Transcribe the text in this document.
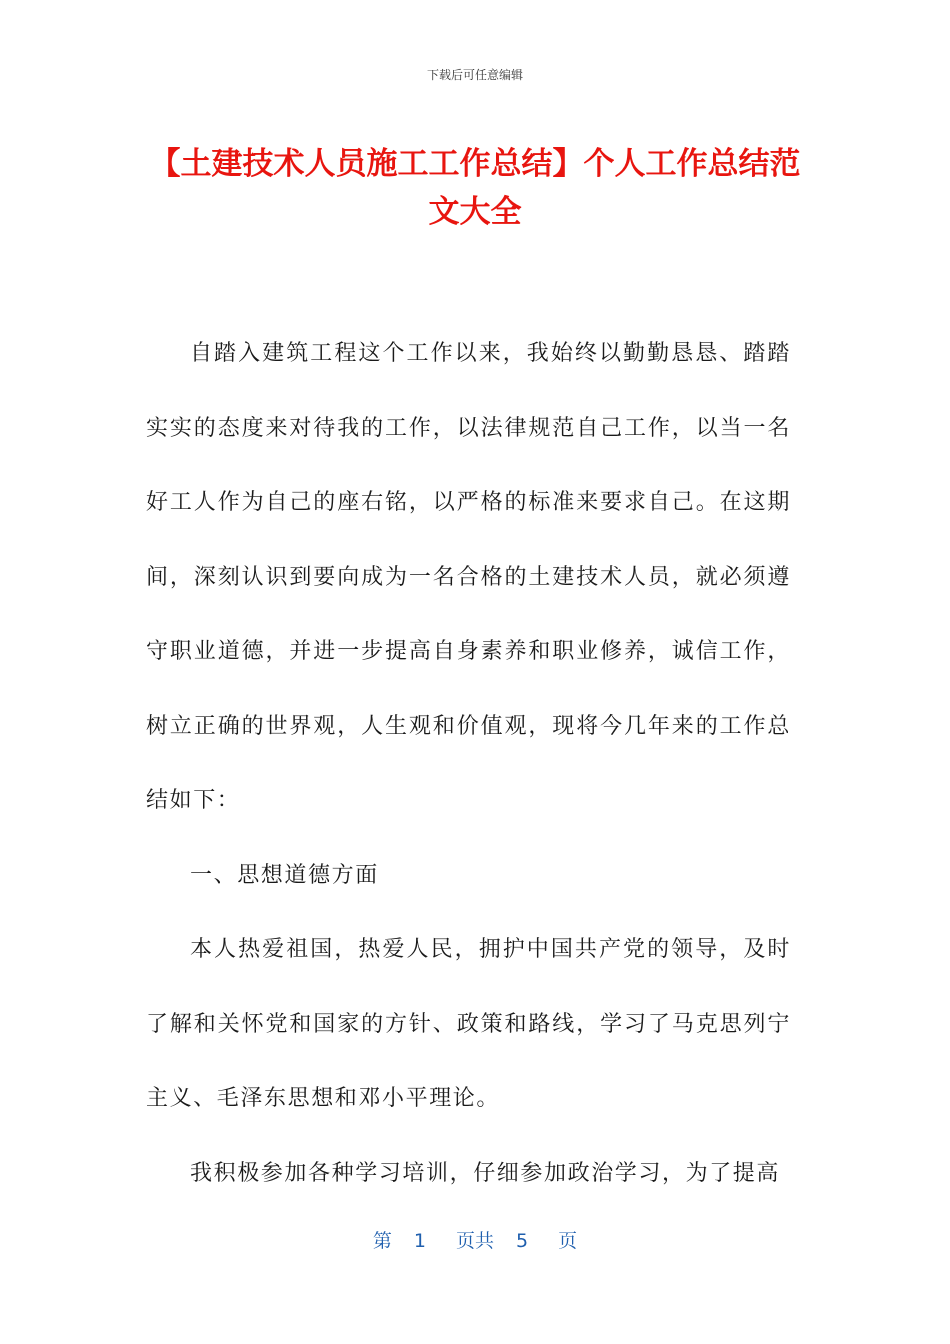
下载后可任意编辑
【土建技术人员施工工作总结】个人工作总结范文大全

自踏入建筑工程这个工作以来，我始终以勤勤恳恳、踏踏实实的态度来对待我的工作，以法律规范自己工作，以当一名好工人作为自己的座右铭，以严格的标准来要求自己。在这期间，深刻认识到要向成为一名合格的土建技术人员，就必须遵守职业道德，并进一步提高自身素养和职业修养，诚信工作，树立正确的世界观，人生观和价值观，现将今几年来的工作总结如下：

一、思想道德方面

本人热爱祖国，热爱人民，拥护中国共产党的领导，及时了解和关怀党和国家的方针、政策和路线，学习了马克思列宁主义、毛泽东思想和邓小平理论。

我积极参加各种学习培训，仔细参加政治学习，为了提高

第 1 页共 5 页
